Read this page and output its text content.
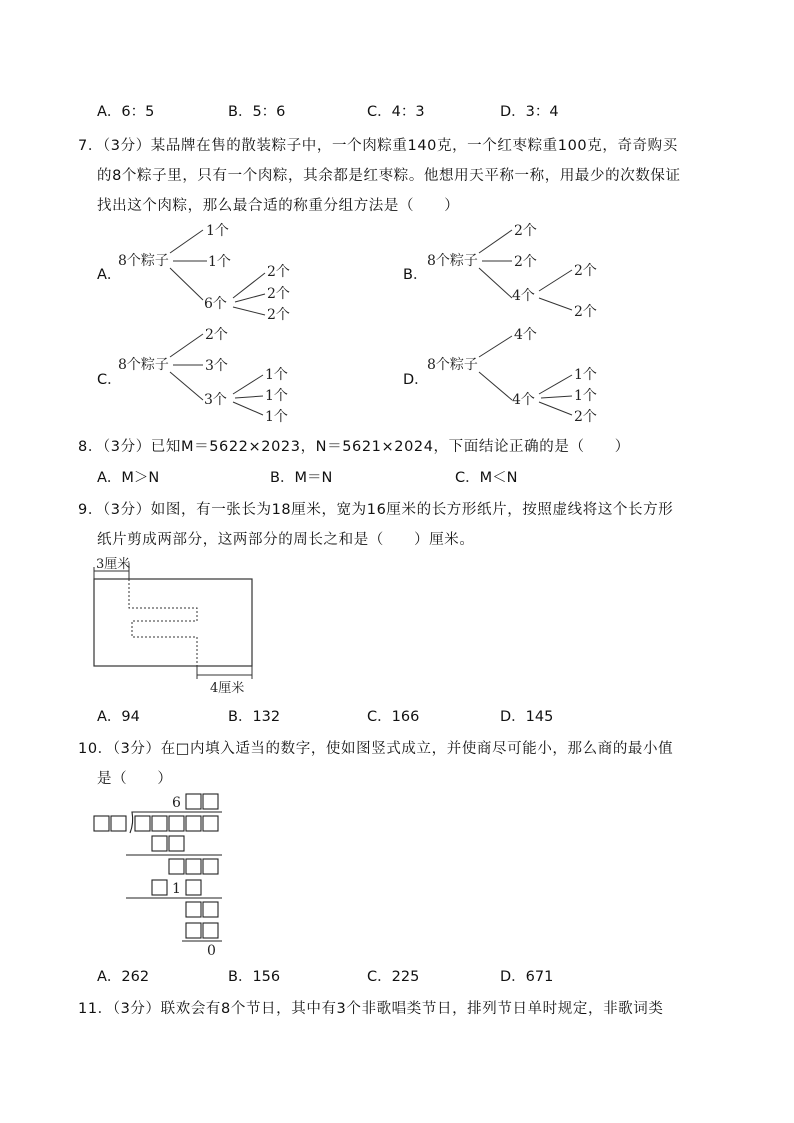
A．6：5	B．5：6	C．4：3	D．3：4
7．（3分）某品牌在售的散装粽子中，一个肉粽重140克，一个红枣粽重100克，奇奇购买
的8个粽子里，只有一个肉粽，其余都是红枣粽。他想用天平称一称，用最少的次数保证
找出这个肉粽，那么最合适的称重分组方法是（　　）
A．	B．
C．	D．
8个粽子
1个
1个
6个
2个
2个
2个
8个粽子
2个
2个
4个
2个
2个
8个粽子
2个
3个
3个
1个
1个
1个
8个粽子
4个
4个
1个
1个
2个
8．（3分）已知M＝5622×2023，N＝5621×2024，下面结论正确的是（　　）
A．M＞N	B．M＝N	C．M＜N
9．（3分）如图，有一张长为18厘米，宽为16厘米的长方形纸片，按照虚线将这个长方形
纸片剪成两部分，这两部分的周长之和是（　　）厘米。
3厘米
4厘米
A．94	B．132	C．166	D．145
10．（3分）在□内填入适当的数字，使如图竖式成立，并使商尽可能小，那么商的最小值
是（　　）
6
1
0
A．262	B．156	C．225	D．671
11．（3分）联欢会有8个节日，其中有3个非歌唱类节日，排列节日单时规定，非歌词类
